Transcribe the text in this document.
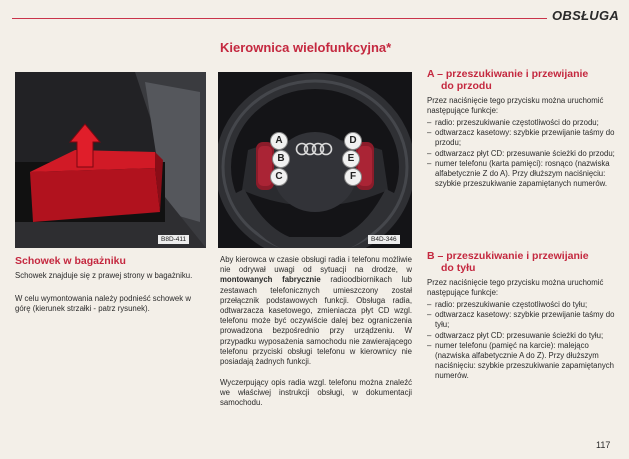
OBSŁUGA
Kierownica wielofunkcyjna*
B8D-411
A
B
C
D
E
F
B4D-346
Schowek w bagażniku

Schowek znajduje się z prawej strony w bagażniku.

W celu wymontowania należy podnieść schowek w górę (kierunek strzałki - patrz rysunek).

Aby kierowca w czasie obsługi radia i telefonu możliwie nie odrywał uwagi od sytuacji na drodze, w montowanych fabrycznie radioodbiornikach lub zestawach telefonicznych umieszczony został przełącznik podstawowych funkcji. Obsługa radia, odtwarzacza kasetowego, zmieniacza płyt CD wzgl. telefonu może być oczywiście dalej bez ograniczenia prowadzona bezpośrednio przy urządzeniu. W przypadku wyposażenia samochodu nie zawierającego telefonu przyciski obsługi telefonu w kierownicy nie posiadają żadnych funkcji.

Wyczerpujący opis radia wzgl. telefonu można znaleźć we właściwej instrukcji obsługi, w dokumentacji samochodu.

A – przeszukiwanie i przewijanie
do przodu

Przez naciśnięcie tego przycisku można uruchomić następujące funkcje:

– radio: przeszukiwanie częstotliwości do przodu;
– odtwarzacz kasetowy: szybkie przewijanie taśmy do przodu;
– odtwarzacz płyt CD: przesuwanie ścieżki do przodu;
– numer telefonu (karta pamięci): rosnąco (nazwiska alfabetycznie Z do A). Przy dłuższym naciśnięciu: szybkie przeszukiwanie zapamiętanych numerów.
B – przeszukiwanie i przewijanie
do tyłu

Przez naciśnięcie tego przycisku można uruchomić następujące funkcje:

– radio: przeszukiwanie częstotliwości do tyłu;
– odtwarzacz kasetowy: szybkie przewijanie taśmy do tyłu;
– odtwarzacz płyt CD: przesuwanie ścieżki do tyłu;
– numer telefonu (pamięć na karcie): malejąco (nazwiska alfabetycznie A do Z). Przy dłuższym naciśnięciu: szybkie przeszukiwanie zapamiętanych numerów.
117
